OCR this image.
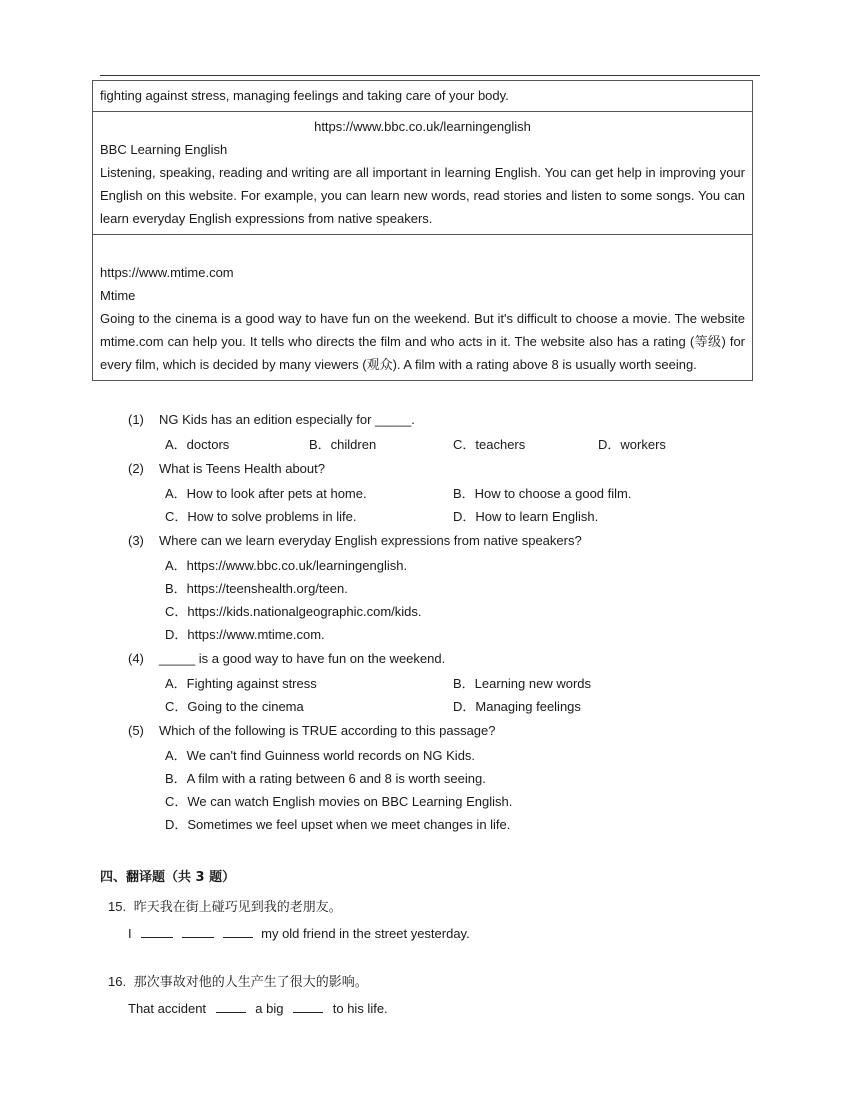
fighting against stress, managing feelings and taking care of your body.

https://www.bbc.co.uk/learningenglish
BBC Learning English
Listening, speaking, reading and writing are all important in learning English. You can get help in improving your English on this website. For example, you can learn new words, read stories and listen to some songs. You can learn everyday English expressions from native speakers.

https://www.mtime.com
Mtime
Going to the cinema is a good way to have fun on the weekend. But it's difficult to choose a movie. The website mtime.com can help you. It tells who directs the film and who acts in it. The website also has a rating (等级) for every film, which is decided by many viewers (观众). A film with a rating above 8 is usually worth seeing.
(1) NG Kids has an edition especially for _____.
A．doctors	B．children	C．teachers	D．workers
(2) What is Teens Health about?
A．How to look after pets at home.	B．How to choose a good film.
C．How to solve problems in life.	D．How to learn English.
(3) Where can we learn everyday English expressions from native speakers?
A．https://www.bbc.co.uk/learningenglish.
B．https://teenshealth.org/teen.
C．https://kids.nationalgeographic.com/kids.
D．https://www.mtime.com.
(4) _____ is a good way to have fun on the weekend.
A．Fighting against stress	B．Learning new words
C．Going to the cinema	D．Managing feelings
(5) Which of the following is TRUE according to this passage?
A．We can't find Guinness world records on NG Kids.
B．A film with a rating between 6 and 8 is worth seeing.
C．We can watch English movies on BBC Learning English.
D．Sometimes we feel upset when we meet changes in life.
四、翻译题（共 3 题）
15. 昨天我在街上碰巧见到我的老朋友。
I	my old friend in the street yesterday.
16. 那次事故对他的人生产生了很大的影响。
That accident	a big	to his life.
